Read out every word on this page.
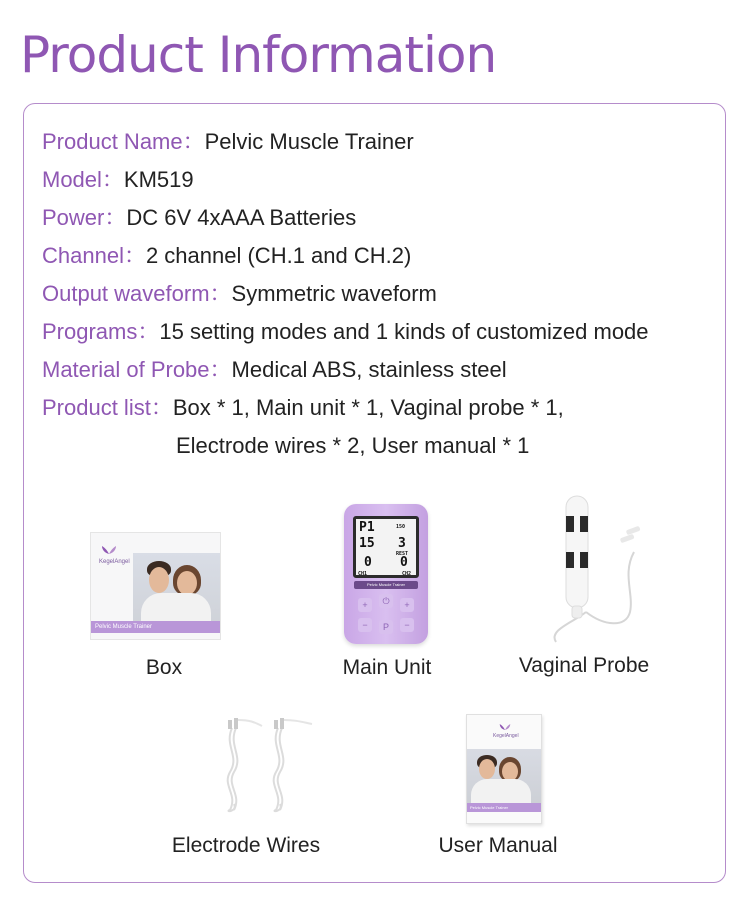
Product Information
Product Name：Pelvic Muscle Trainer
Model：KM519
Power：DC 6V 4xAAA Batteries
Channel：2 channel (CH.1 and CH.2)
Output waveform：Symmetric waveform
Programs：15 setting modes and 1 kinds of customized mode
Material of Probe：Medical ABS, stainless steel
Product list：Box * 1, Main unit * 1, Vaginal probe * 1,
Electrode wires * 2, User manual * 1
KegelAngel
Pelvic Muscle Trainer
Box
P1	150
15 3
REST
0 0
CH1	CH2
Pelvic Muscle Trainer
+	+
−	−
⏻
P
Main Unit	Vaginal Probe
Electrode Wires
KegelAngel
Pelvic Muscle Trainer
User Manual
